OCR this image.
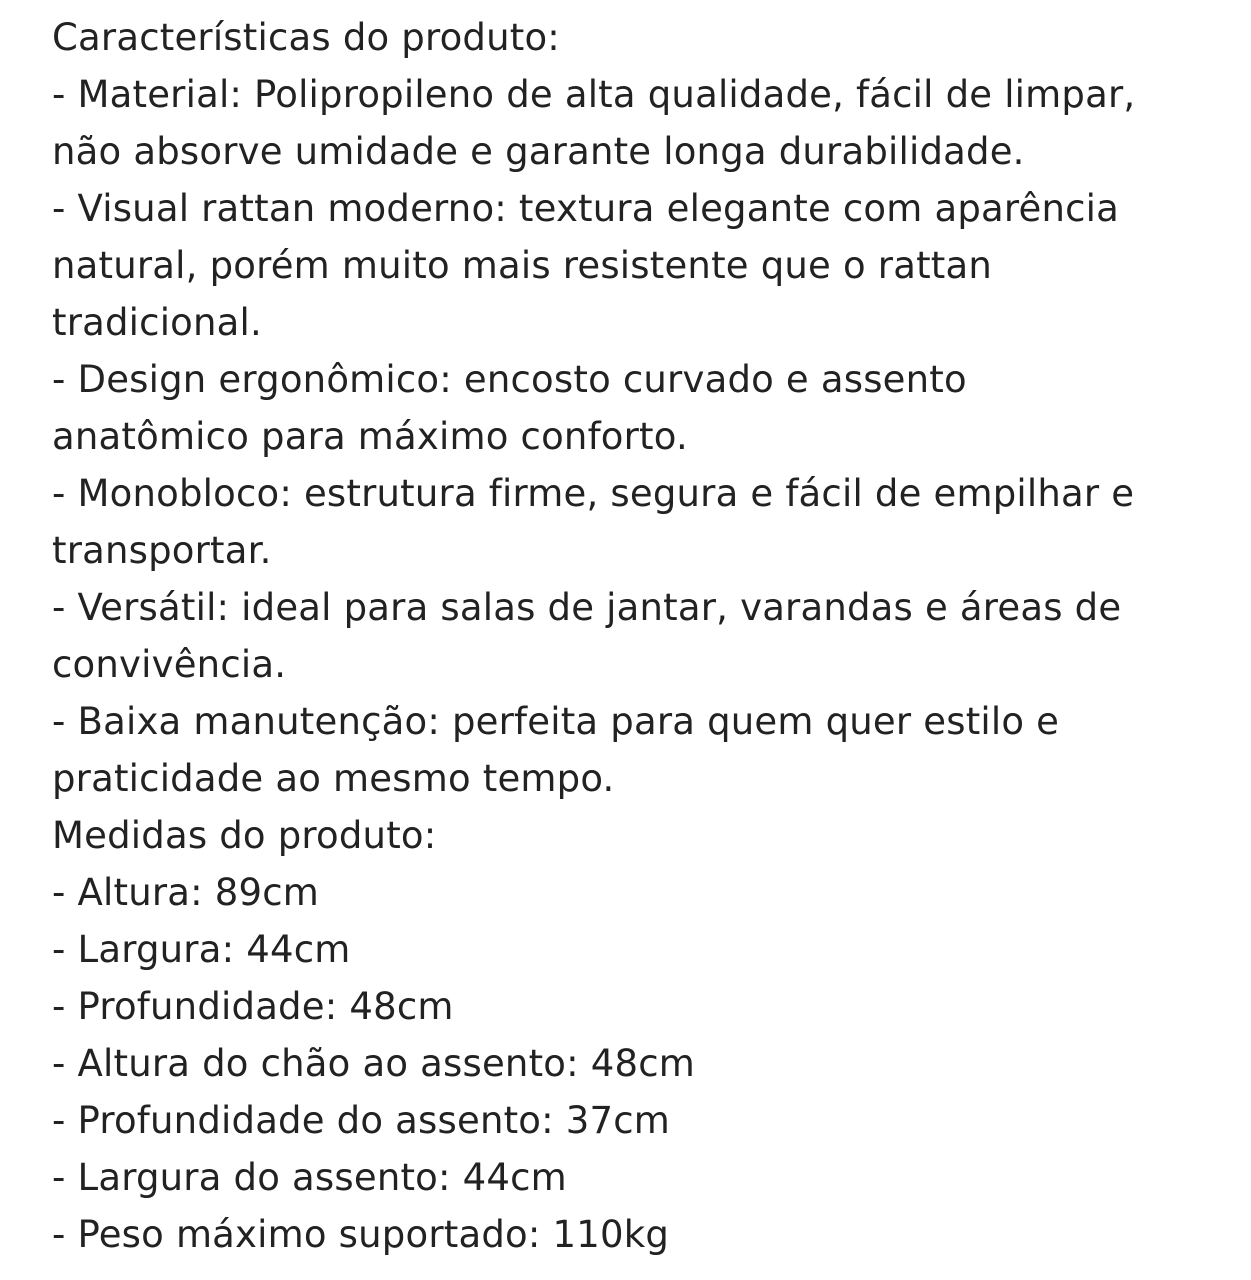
Características do produto:
- Material: Polipropileno de alta qualidade, fácil de limpar,
não absorve umidade e garante longa durabilidade.
- Visual rattan moderno: textura elegante com aparência
natural, porém muito mais resistente que o rattan
tradicional.
- Design ergonômico: encosto curvado e assento
anatômico para máximo conforto.
- Monobloco: estrutura firme, segura e fácil de empilhar e
transportar.
- Versátil: ideal para salas de jantar, varandas e áreas de
convivência.
- Baixa manutenção: perfeita para quem quer estilo e
praticidade ao mesmo tempo.
Medidas do produto:
- Altura: 89cm
- Largura: 44cm
- Profundidade: 48cm
- Altura do chão ao assento: 48cm
- Profundidade do assento: 37cm
- Largura do assento: 44cm
- Peso máximo suportado: 110kg
